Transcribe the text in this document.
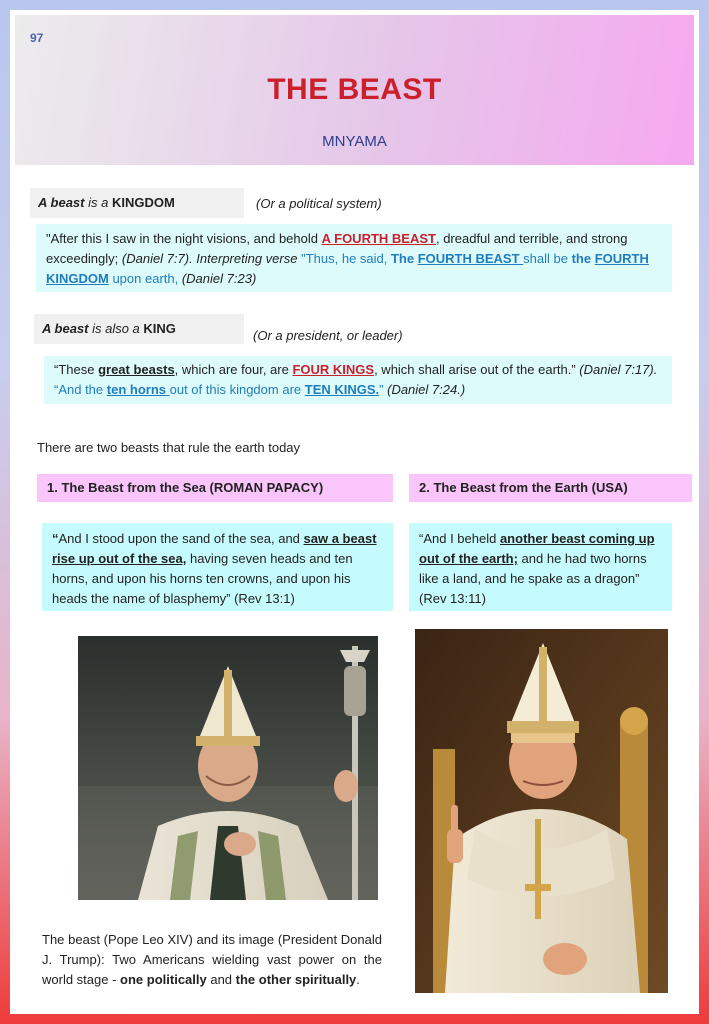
97
THE BEAST
MNYAMA
A beast is a KINGDOM	(Or a political system)
"After this I saw in the night visions, and behold A FOURTH BEAST, dreadful and terrible, and strong exceedingly; (Daniel 7:7). Interpreting verse "Thus, he said, The FOURTH BEAST shall be the FOURTH KINGDOM upon earth, (Daniel 7:23)
A beast is also a KING	(Or a president, or leader)
“These great beasts, which are four, are FOUR KINGS, which shall arise out of the earth.” (Daniel 7:17). “And the ten horns out of this kingdom are TEN KINGS.” (Daniel 7:24.)
There are two beasts that rule the earth today
1. The Beast from the Sea (ROMAN PAPACY)	2. The Beast from the Earth (USA)
“And I stood upon the sand of the sea, and saw a beast rise up out of the sea, having seven heads and ten horns, and upon his horns ten crowns, and upon his heads the name of blasphemy” (Rev 13:1)
“And I beheld another beast coming up out of the earth; and he had two horns like a land, and he spake as a dragon” (Rev 13:11)
The beast (Pope Leo XIV) and its image (President Donald J. Trump): Two Americans wielding vast power on the world stage - one politically and the other spiritually.
